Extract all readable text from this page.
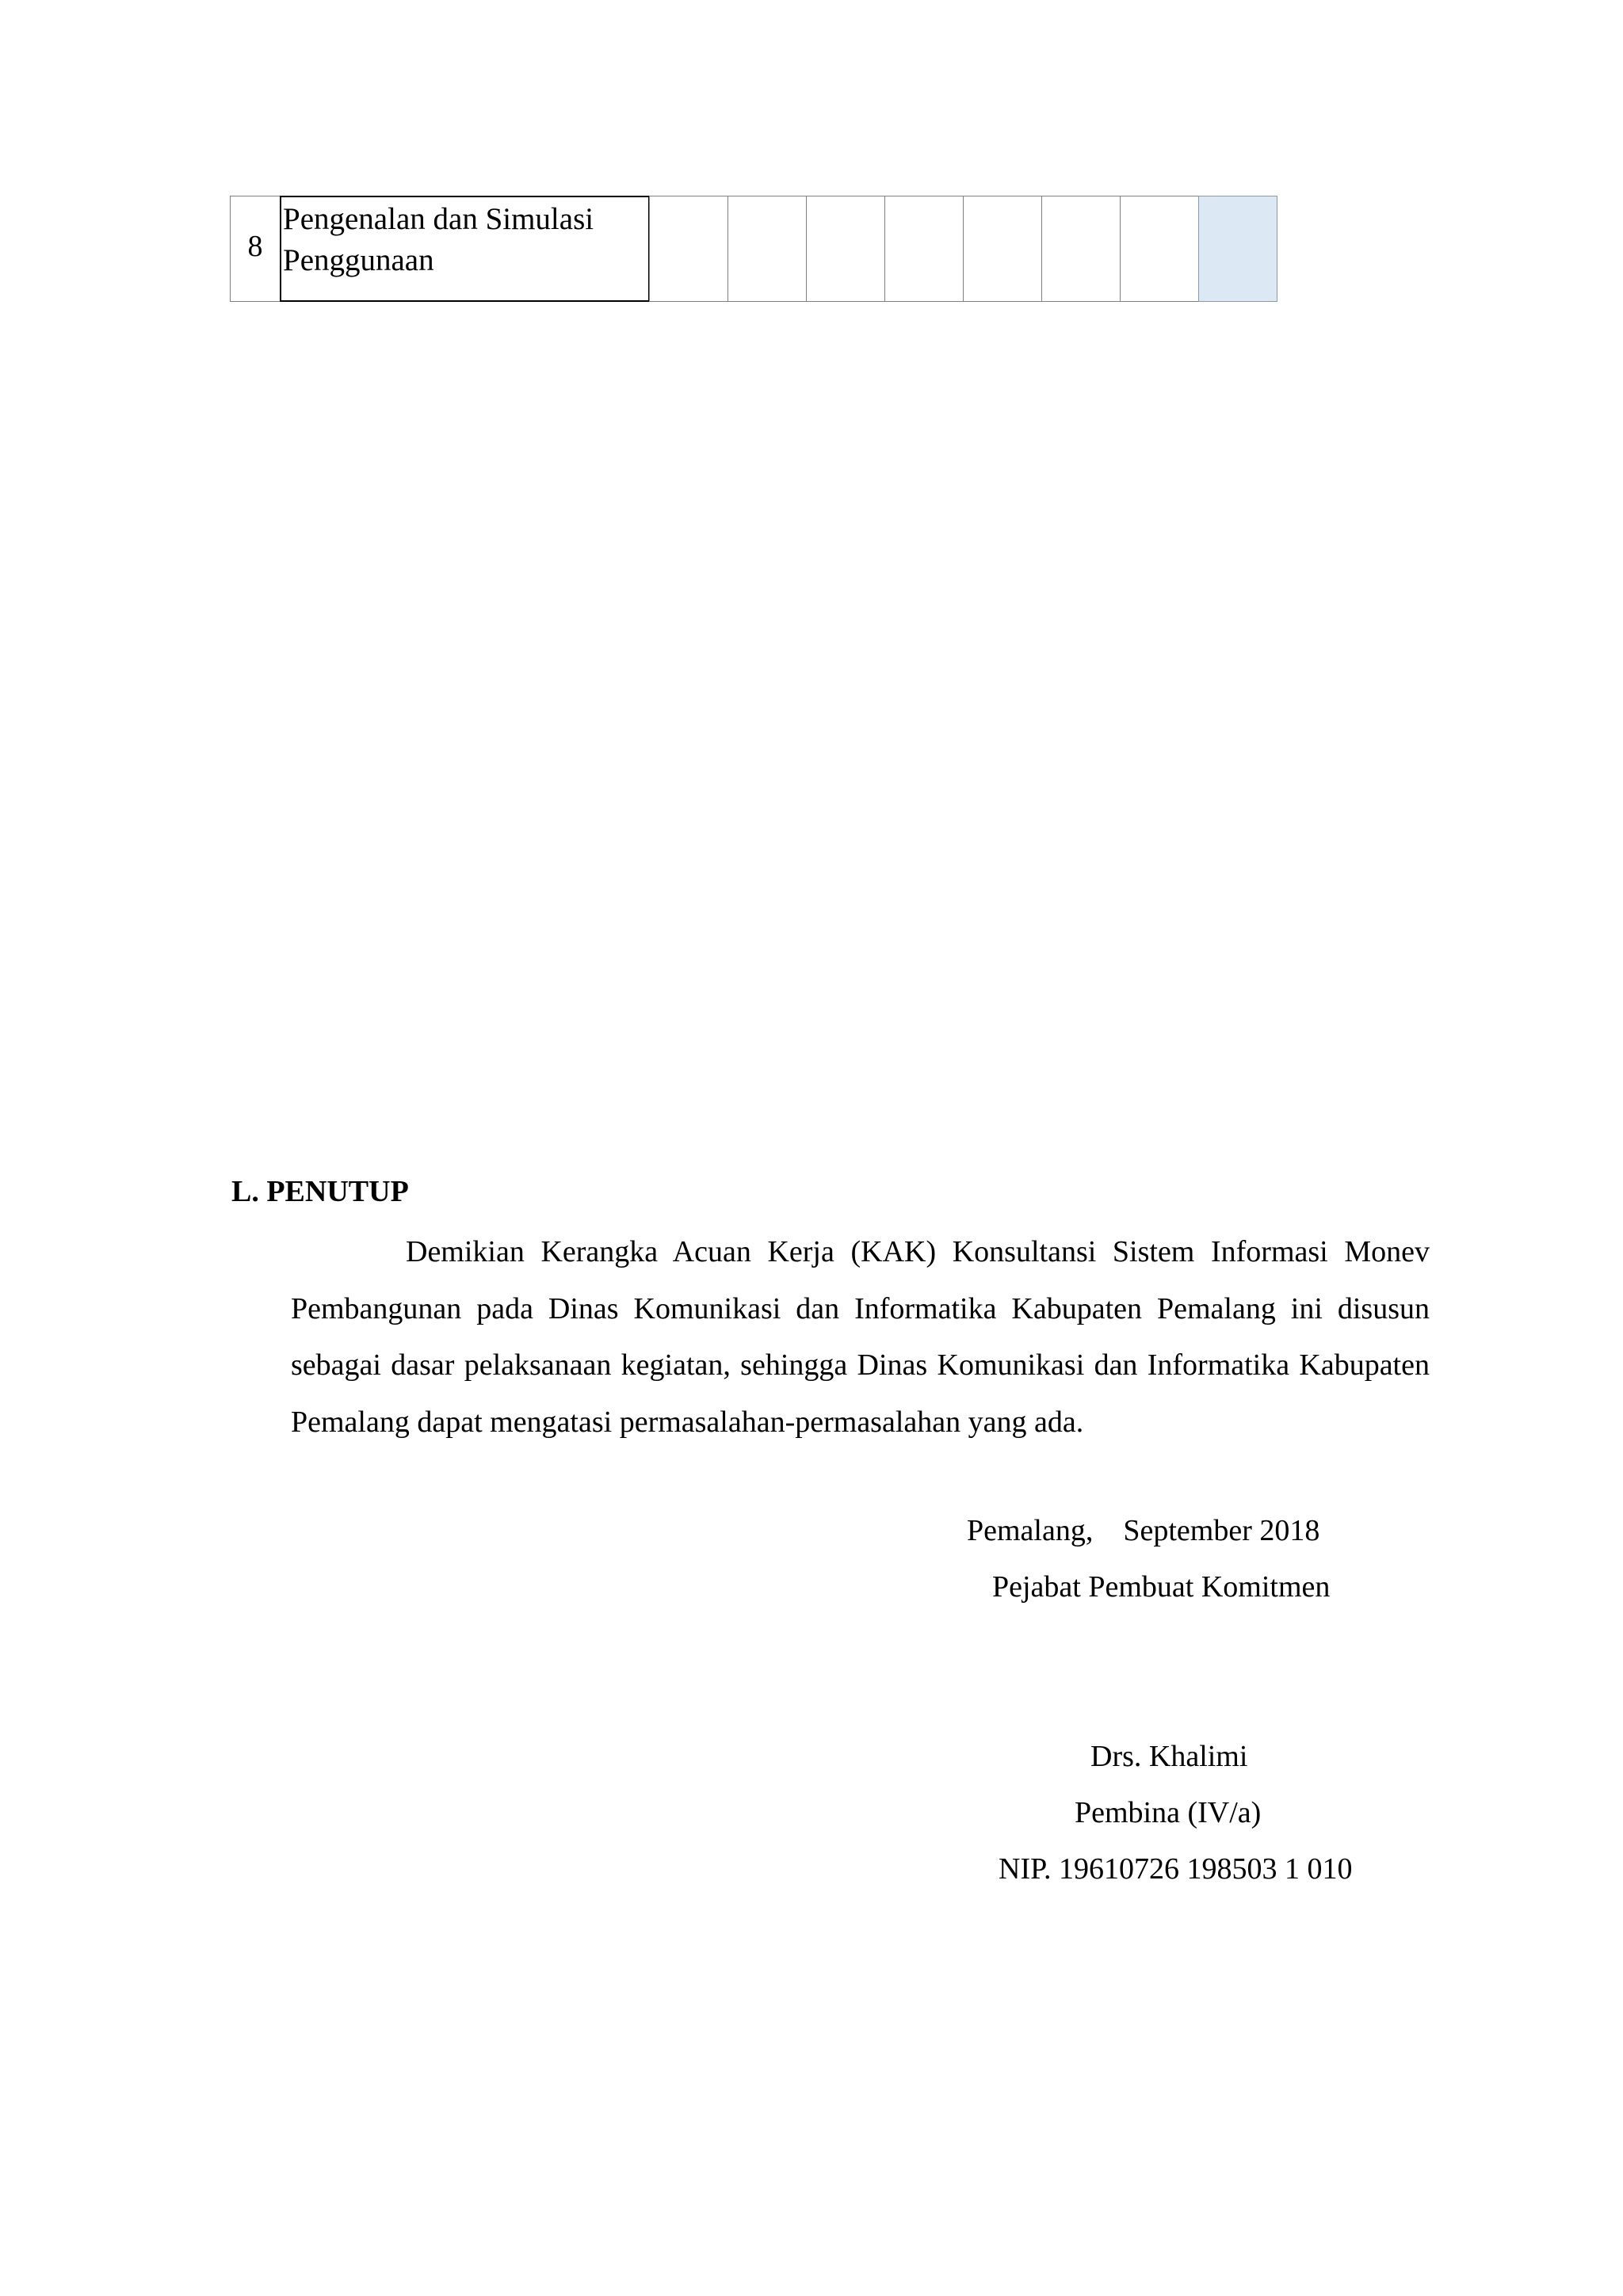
8
Pengenalan dan Simulasi Penggunaan
L. PENUTUP

Demikian Kerangka Acuan Kerja (KAK) Konsultansi Sistem Informasi Monev Pembangunan pada Dinas Komunikasi dan Informatika Kabupaten Pemalang ini disusun sebagai dasar pelaksanaan kegiatan, sehingga Dinas Komunikasi dan Informatika Kabupaten Pemalang dapat mengatasi permasalahan-permasalahan yang ada.

Pemalang,    September 2018
Pejabat Pembuat Komitmen
Drs. Khalimi
Pembina (IV/a)
NIP. 19610726 198503 1 010
